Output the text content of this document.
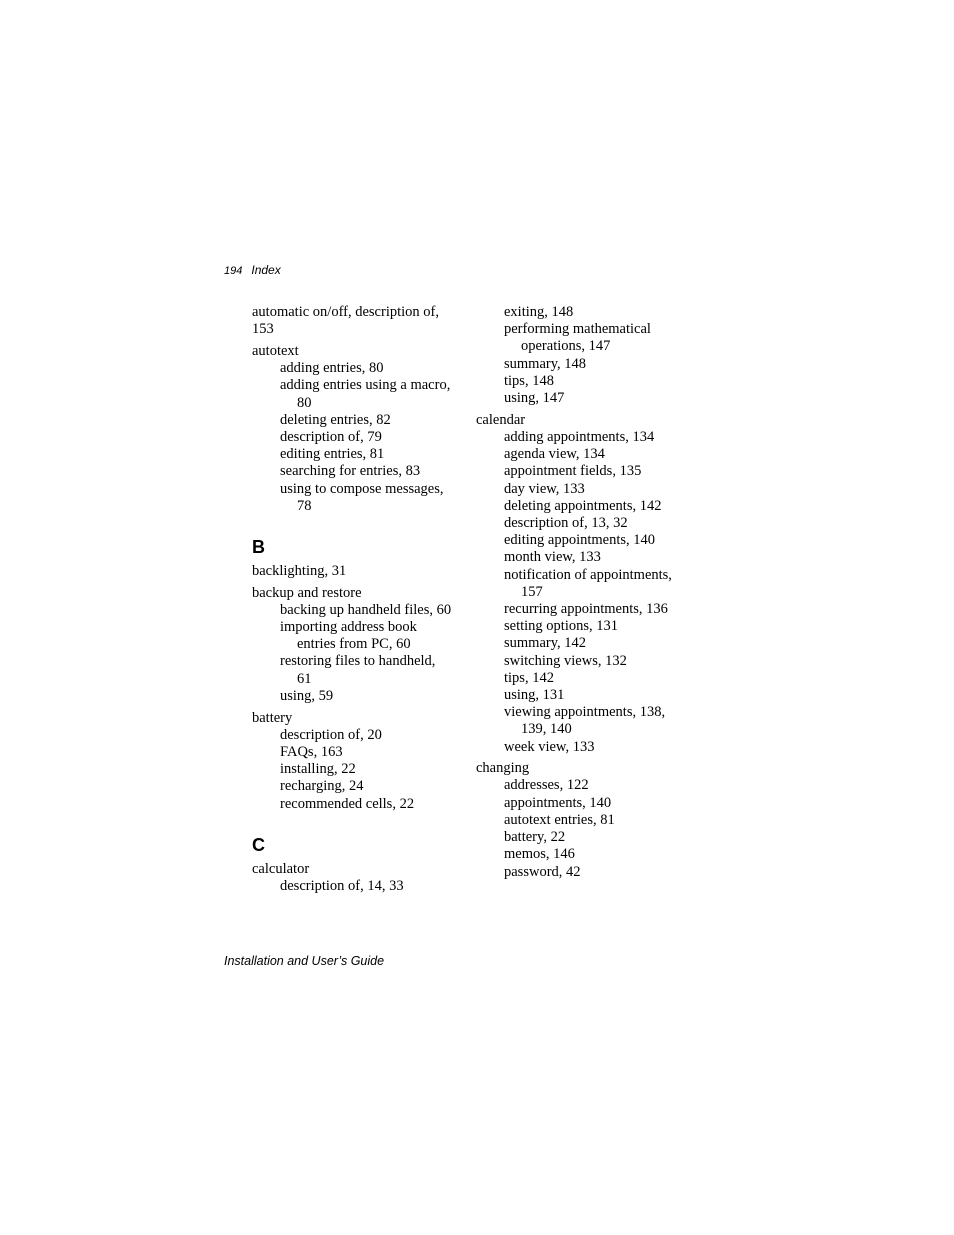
194 Index

automatic on/off, description of, 153

autotext

adding entries, 80

adding entries using a macro, 80

deleting entries, 82

description of, 79

editing entries, 81

searching for entries, 83

using to compose messages, 78

B

backlighting, 31

backup and restore

backing up handheld files, 60

importing address book entries from PC, 60

restoring files to handheld, 61

using, 59

battery

description of, 20

FAQs, 163

installing, 22

recharging, 24

recommended cells, 22

C

calculator

description of, 14, 33

exiting, 148

performing mathematical operations, 147

summary, 148

tips, 148

using, 147

calendar

adding appointments, 134

agenda view, 134

appointment fields, 135

day view, 133

deleting appointments, 142

description of, 13, 32

editing appointments, 140

month view, 133

notification of appointments, 157

recurring appointments, 136

setting options, 131

summary, 142

switching views, 132

tips, 142

using, 131

viewing appointments, 138, 139, 140

week view, 133

changing

addresses, 122

appointments, 140

autotext entries, 81

battery, 22

memos, 146

password, 42

Installation and User’s Guide
